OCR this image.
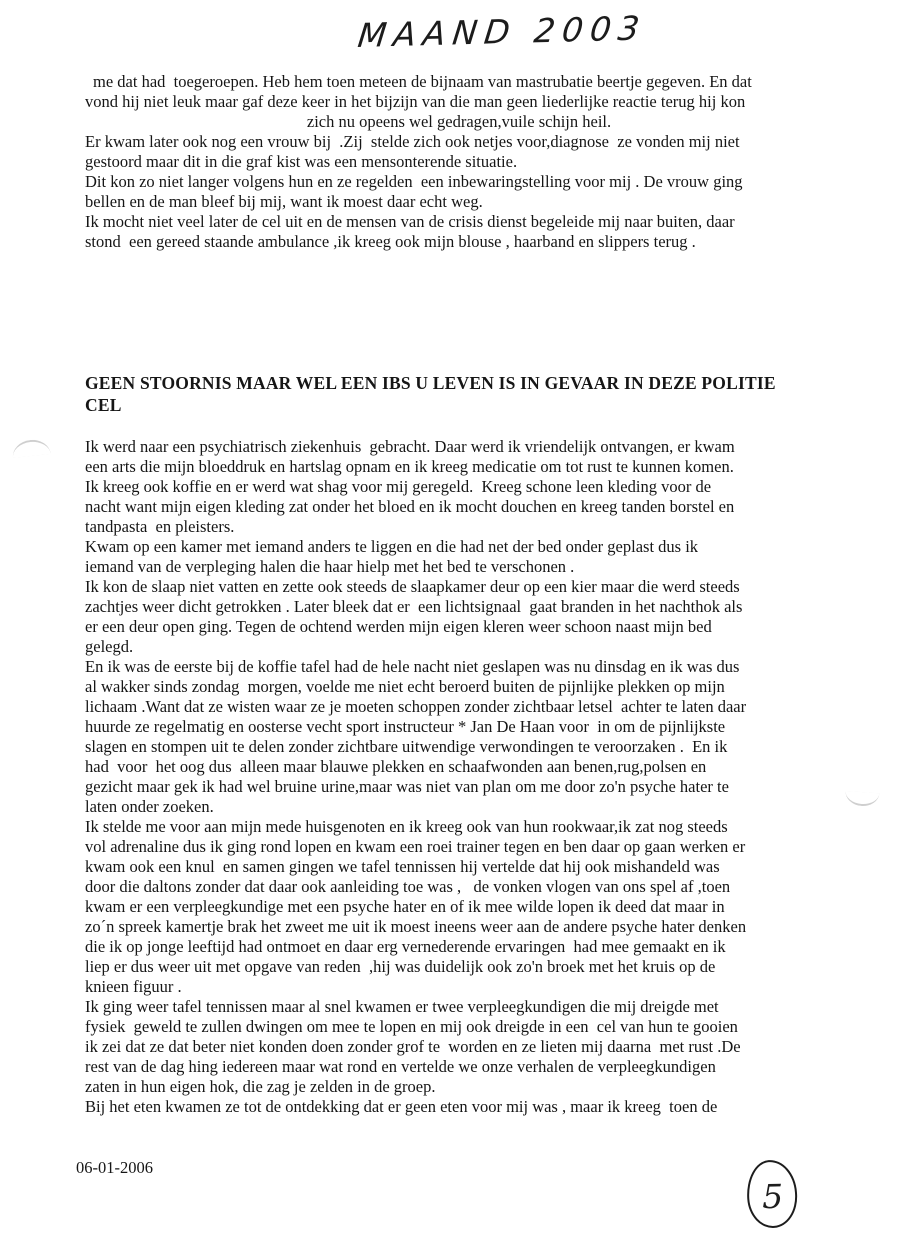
MAAND 2003
me dat had  toegeroepen. Heb hem toen meteen de bijnaam van mastrubatie beertje gegeven. En dat
vond hij niet leuk maar gaf deze keer in het bijzijn van die man geen liederlijke reactie terug hij kon
zich nu opeens wel gedragen,vuile schijn heil.
Er kwam later ook nog een vrouw bij  .Zij  stelde zich ook netjes voor,diagnose  ze vonden mij niet
gestoord maar dit in die graf kist was een mensonterende situatie.
Dit kon zo niet langer volgens hun en ze regelden  een inbewaringstelling voor mij . De vrouw ging
bellen en de man bleef bij mij, want ik moest daar echt weg.
Ik mocht niet veel later de cel uit en de mensen van de crisis dienst begeleide mij naar buiten, daar
stond  een gereed staande ambulance ,ik kreeg ook mijn blouse , haarband en slippers terug .
GEEN STOORNIS MAAR WEL EEN IBS U LEVEN IS IN GEVAAR IN DEZE POLITIE
CEL
Ik werd naar een psychiatrisch ziekenhuis  gebracht. Daar werd ik vriendelijk ontvangen, er kwam
een arts die mijn bloeddruk en hartslag opnam en ik kreeg medicatie om tot rust te kunnen komen.
Ik kreeg ook koffie en er werd wat shag voor mij geregeld.  Kreeg schone leen kleding voor de
nacht want mijn eigen kleding zat onder het bloed en ik mocht douchen en kreeg tanden borstel en
tandpasta  en pleisters.
Kwam op een kamer met iemand anders te liggen en die had net der bed onder geplast dus ik
iemand van de verpleging halen die haar hielp met het bed te verschonen .
Ik kon de slaap niet vatten en zette ook steeds de slaapkamer deur op een kier maar die werd steeds
zachtjes weer dicht getrokken . Later bleek dat er  een lichtsignaal  gaat branden in het nachthok als
er een deur open ging. Tegen de ochtend werden mijn eigen kleren weer schoon naast mijn bed
gelegd.
En ik was de eerste bij de koffie tafel had de hele nacht niet geslapen was nu dinsdag en ik was dus
al wakker sinds zondag  morgen, voelde me niet echt beroerd buiten de pijnlijke plekken op mijn
lichaam .Want dat ze wisten waar ze je moeten schoppen zonder zichtbaar letsel  achter te laten daar
huurde ze regelmatig en oosterse vecht sport instructeur * Jan De Haan voor  in om de pijnlijkste
slagen en stompen uit te delen zonder zichtbare uitwendige verwondingen te veroorzaken .  En ik
had  voor  het oog dus  alleen maar blauwe plekken en schaafwonden aan benen,rug,polsen en
gezicht maar gek ik had wel bruine urine,maar was niet van plan om me door zo'n psyche hater te
laten onder zoeken.
Ik stelde me voor aan mijn mede huisgenoten en ik kreeg ook van hun rookwaar,ik zat nog steeds
vol adrenaline dus ik ging rond lopen en kwam een roei trainer tegen en ben daar op gaan werken er
kwam ook een knul  en samen gingen we tafel tennissen hij vertelde dat hij ook mishandeld was
door die daltons zonder dat daar ook aanleiding toe was ,   de vonken vlogen van ons spel af ,toen
kwam er een verpleegkundige met een psyche hater en of ik mee wilde lopen ik deed dat maar in
zo´n spreek kamertje brak het zweet me uit ik moest ineens weer aan de andere psyche hater denken
die ik op jonge leeftijd had ontmoet en daar erg vernederende ervaringen  had mee gemaakt en ik
liep er dus weer uit met opgave van reden  ,hij was duidelijk ook zo'n broek met het kruis op de
knieen figuur .
Ik ging weer tafel tennissen maar al snel kwamen er twee verpleegkundigen die mij dreigde met
fysiek  geweld te zullen dwingen om mee te lopen en mij ook dreigde in een  cel van hun te gooien
ik zei dat ze dat beter niet konden doen zonder grof te  worden en ze lieten mij daarna  met rust .De
rest van de dag hing iedereen maar wat rond en vertelde we onze verhalen de verpleegkundigen
zaten in hun eigen hok, die zag je zelden in de groep.
Bij het eten kwamen ze tot de ontdekking dat er geen eten voor mij was , maar ik kreeg  toen de
06-01-2006
5
